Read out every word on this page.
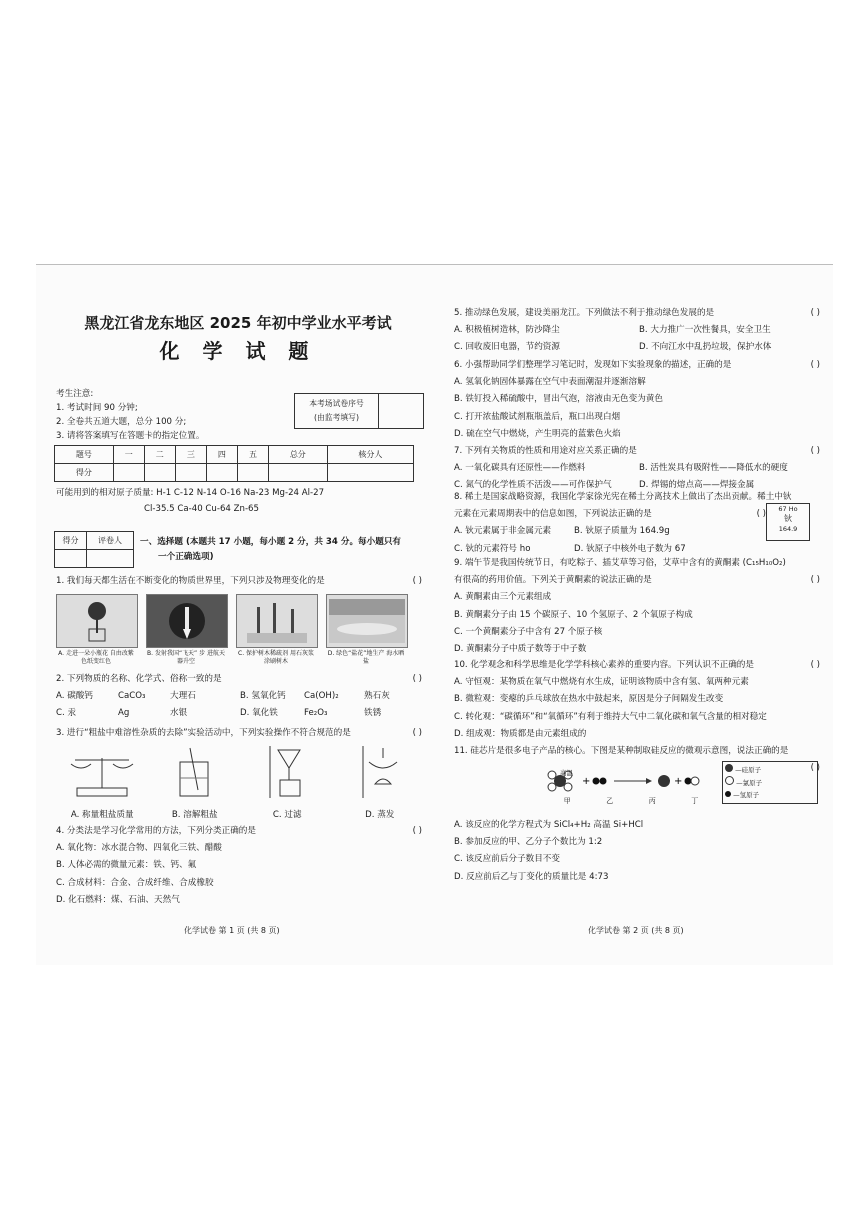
黑龙江省龙东地区 2025 年初中学业水平考试
化 学 试 题
考生注意:
1. 考试时间 90 分钟;
2. 全卷共五道大题，总分 100 分;
3. 请将答案填写在答题卡的指定位置。
本考场试卷序号
(由监考填写)
题号	一	二	三	四	五	总分	核分人
得分							
可能用到的相对原子质量: H-1 C-12 N-14 O-16 Na-23 Mg-24 Al-27
Cl-35.5 Ca-40 Cu-64 Zn-65
得分	评卷人
	一、选择题 (本题共 17 小题，每小题 2 分，共 34 分。每小题只有
一个正确选项)
1. 我们每天都生活在不断变化的物质世界里，下列只涉及物理变化的是	( )
A. 走进一朵小瓶花 自由改紫色纸变红色
B. 发射我国“飞天” 步 进航天器升空
C. 保护树木稀疏剂 用石灰浆涂刷树木
D. 绿色“盐花”地生产 海水晒盐
2. 下列物质的名称、化学式、俗称一致的是	( )
A. 碳酸钙	CaCO₃	大理石	B. 氢氧化钙	Ca(OH)₂	熟石灰
C. 汞	Ag	水银	D. 氧化铁	Fe₂O₃	铁锈
3. 进行“粗盐中难溶性杂质的去除”实验活动中，下列实验操作不符合规范的是	( )
A. 称量粗盐质量	B. 溶解粗盐	C. 过滤	D. 蒸发
4. 分类法是学习化学常用的方法，下列分类正确的是	( )
A. 氧化物：冰水混合物、四氧化三铁、醋酸
B. 人体必需的微量元素：铁、钙、氟
C. 合成材料：合金、合成纤维、合成橡胶
D. 化石燃料：煤、石油、天然气
化学试卷 第 1 页 (共 8 页)
5. 推动绿色发展，建设美丽龙江。下列做法不利于推动绿色发展的是	( )
A. 积极植树造林，防沙降尘	B. 大力推广一次性餐具，安全卫生
C. 回收废旧电器，节约资源	D. 不向江水中乱扔垃圾，保护水体
6. 小强帮助同学们整理学习笔记时，发现如下实验现象的描述，正确的是	( )
A. 氢氧化钠固体暴露在空气中表面潮湿并逐渐溶解
B. 铁钉投入稀硫酸中，冒出气泡，溶液由无色变为黄色
C. 打开浓盐酸试剂瓶瓶盖后，瓶口出现白烟
D. 硫在空气中燃烧，产生明亮的蓝紫色火焰
7. 下列有关物质的性质和用途对应关系正确的是	( )
A. 一氧化碳具有还原性——作燃料	B. 活性炭具有吸附性——降低水的硬度
C. 氮气的化学性质不活泼——可作保护气	D. 焊锡的熔点高——焊接金属
8. 稀土是国家战略资源，我国化学家徐光宪在稀土分离技术上做出了杰出贡献。稀土中钬
元素在元素周期表中的信息如图，下列说法正确的是	( )
A. 钬元素属于非金属元素	B. 钬原子质量为 164.9g
C. 钬的元素符号 ho	D. 钬原子中核外电子数为 67
67 Ho
钬
164.9
9. 端午节是我国传统节日，有吃粽子、插艾草等习俗，艾草中含有的黄酮素 (C₁₅H₁₀O₂)
有很高的药用价值。下列关于黄酮素的说法正确的是	( )
A. 黄酮素由三个元素组成
B. 黄酮素分子由 15 个碳原子、10 个氢原子、2 个氧原子构成
C. 一个黄酮素分子中含有 27 个原子核
D. 黄酮素分子中质子数等于中子数
10. 化学观念和科学思维是化学学科核心素养的重要内容。下列认识不正确的是	( )
A. 守恒观：某物质在氧气中燃烧有水生成，证明该物质中含有氢、氧两种元素
B. 微粒观：变瘪的乒乓球放在热水中鼓起来，原因是分子间隔发生改变
C. 转化观：“碳循环”和“氧循环”有利于维持大气中二氧化碳和氧气含量的相对稳定
D. 组成观：物质都是由元素组成的
11. 硅芯片是很多电子产品的核心。下图是某种制取硅反应的微观示意图，说法正确的是
( )
+	+
高温
甲	乙	丙	丁
—硅原子
—氯原子
—氢原子
A. 该反应的化学方程式为 SiCl₄+H₂ 高温 Si+HCl
B. 参加反应的甲、乙分子个数比为 1:2
C. 该反应前后分子数目不变
D. 反应前后乙与丁变化的质量比是 4:73
化学试卷 第 2 页 (共 8 页)
